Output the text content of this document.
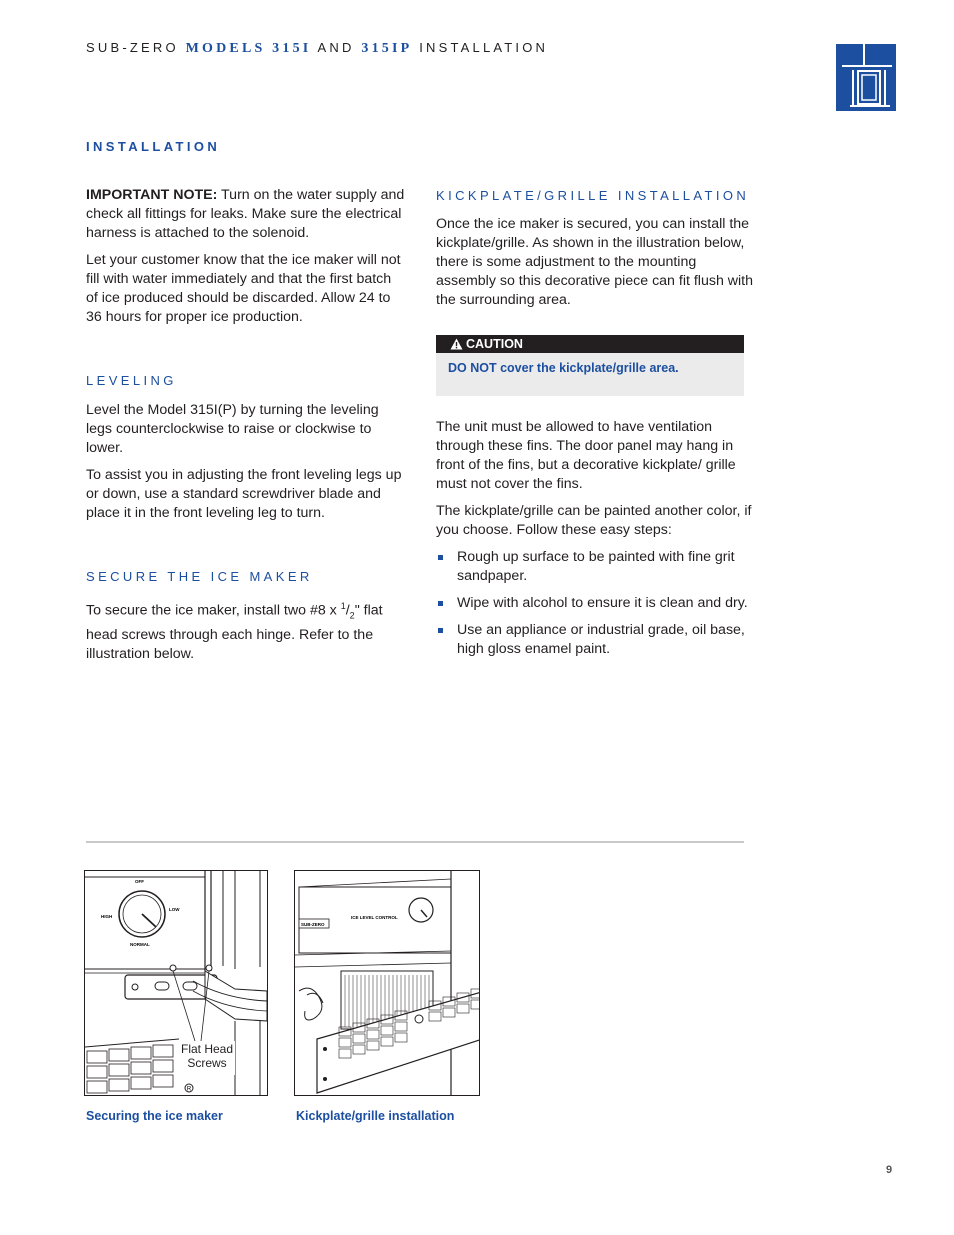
SUB-ZERO MODELS 315I AND 315IP INSTALLATION
INSTALLATION

IMPORTANT NOTE: Turn on the water supply and check all fittings for leaks. Make sure the electrical harness is attached to the solenoid.

Let your customer know that the ice maker will not fill with water immediately and that the first batch of ice produced should be discarded. Allow 24 to 36 hours for proper ice production.

LEVELING

Level the Model 315I(P) by turning the leveling legs counterclockwise to raise or clockwise to lower.

To assist you in adjusting the front leveling legs up or down, use a standard screwdriver blade and place it in the front leveling leg to turn.

SECURE THE ICE MAKER

To secure the ice maker, install two #8 x $^1/_2$" flat head screws through each hinge. Refer to the illustration below.

KICKPLATE/GRILLE INSTALLATION

Once the ice maker is secured, you can install the kickplate/grille. As shown in the illustration below, there is some adjustment to the mounting assembly so this decorative piece can fit flush with the surrounding area.

CAUTION
DO NOT cover the kickplate/grille area.

The unit must be allowed to have ventilation through these fins. The door panel may hang in front of the fins, but a decorative kickplate/ grille must not cover the fins.

The kickplate/grille can be painted another color, if you choose. Follow these easy steps:

Rough up surface to be painted with fine grit sandpaper.
Wipe with alcohol to ensure it is clean and dry.
Use an appliance or industrial grade, oil base, high gloss enamel paint.
OFF
HIGH
LOW
NORMAL
R
Flat Head Screws
Securing the ice maker
SUB-ZERO
ICE LEVEL CONTROL
Kickplate/grille installation
9
